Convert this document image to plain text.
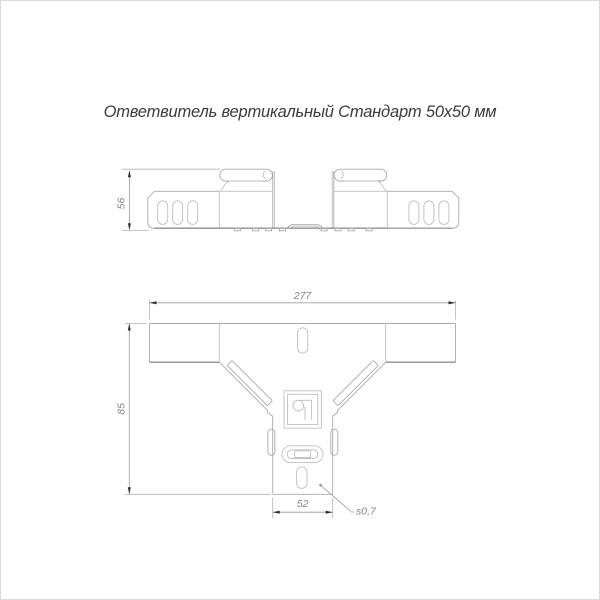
Ответвитель вертикальный Стандарт 50x50 мм
56
277
85
52
s0,7
